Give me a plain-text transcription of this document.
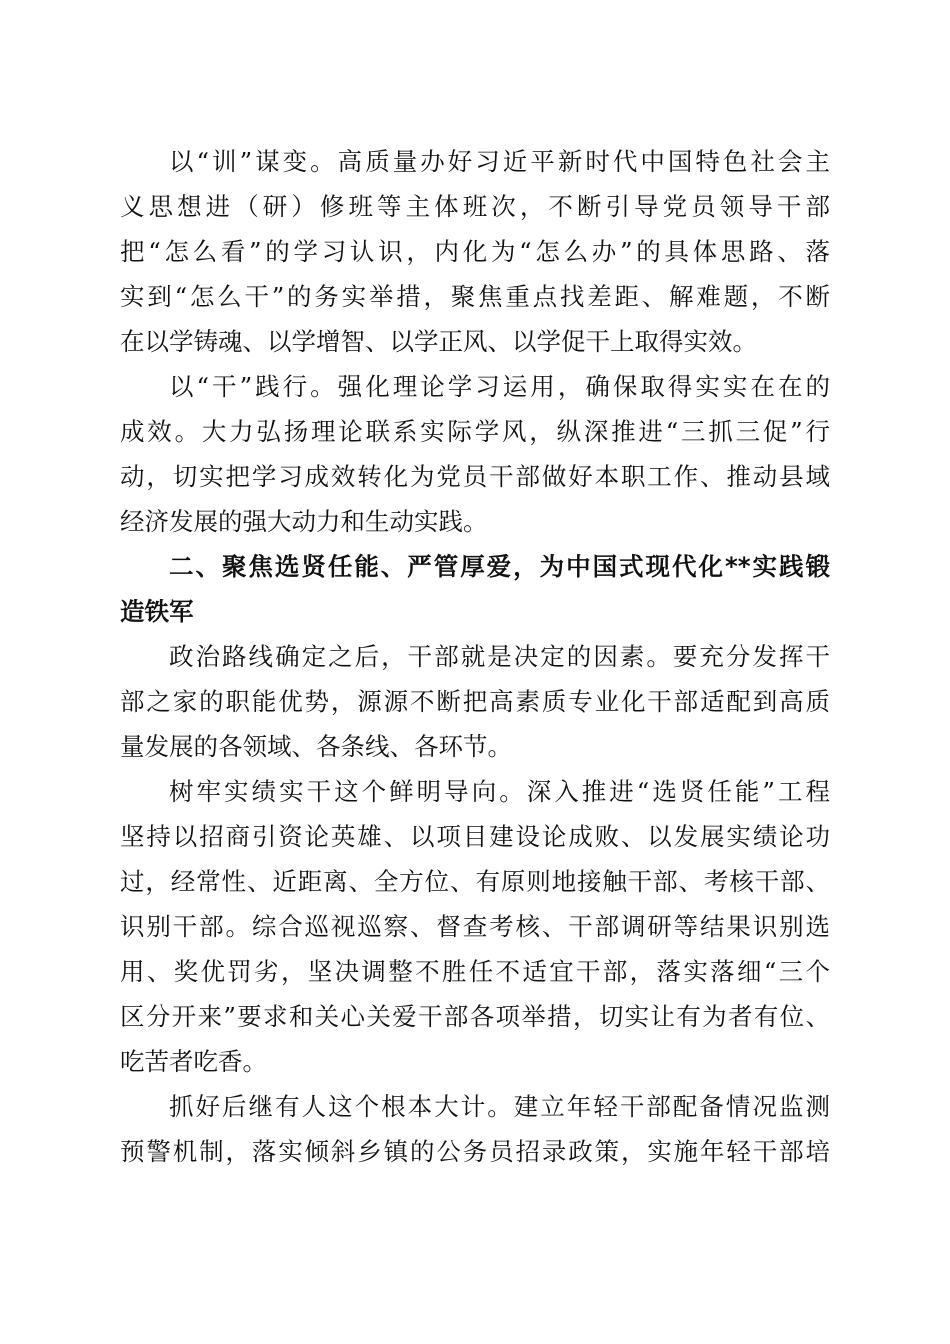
以“训”谋变。高质量办好习近平新时代中国特色社会主
义思想进（研）修班等主体班次，不断引导党员领导干部
把“怎么看”的学习认识，内化为“怎么办”的具体思路、落
实到“怎么干”的务实举措，聚焦重点找差距、解难题，不断
在以学铸魂、以学增智、以学正风、以学促干上取得实效。
以“干”践行。强化理论学习运用，确保取得实实在在的
成效。大力弘扬理论联系实际学风，纵深推进“三抓三促”行
动，切实把学习成效转化为党员干部做好本职工作、推动县域
经济发展的强大动力和生动实践。
二、聚焦选贤任能、严管厚爱，为中国式现代化**实践锻
造铁军
政治路线确定之后，干部就是决定的因素。要充分发挥干
部之家的职能优势，源源不断把高素质专业化干部适配到高质
量发展的各领域、各条线、各环节。
树牢实绩实干这个鲜明导向。深入推进“选贤任能”工程
坚持以招商引资论英雄、以项目建设论成败、以发展实绩论功
过，经常性、近距离、全方位、有原则地接触干部、考核干部、
识别干部。综合巡视巡察、督查考核、干部调研等结果识别选
用、奖优罚劣，坚决调整不胜任不适宜干部，落实落细“三个
区分开来”要求和关心关爱干部各项举措，切实让有为者有位、
吃苦者吃香。
抓好后继有人这个根本大计。建立年轻干部配备情况监测
预警机制，落实倾斜乡镇的公务员招录政策，实施年轻干部培
